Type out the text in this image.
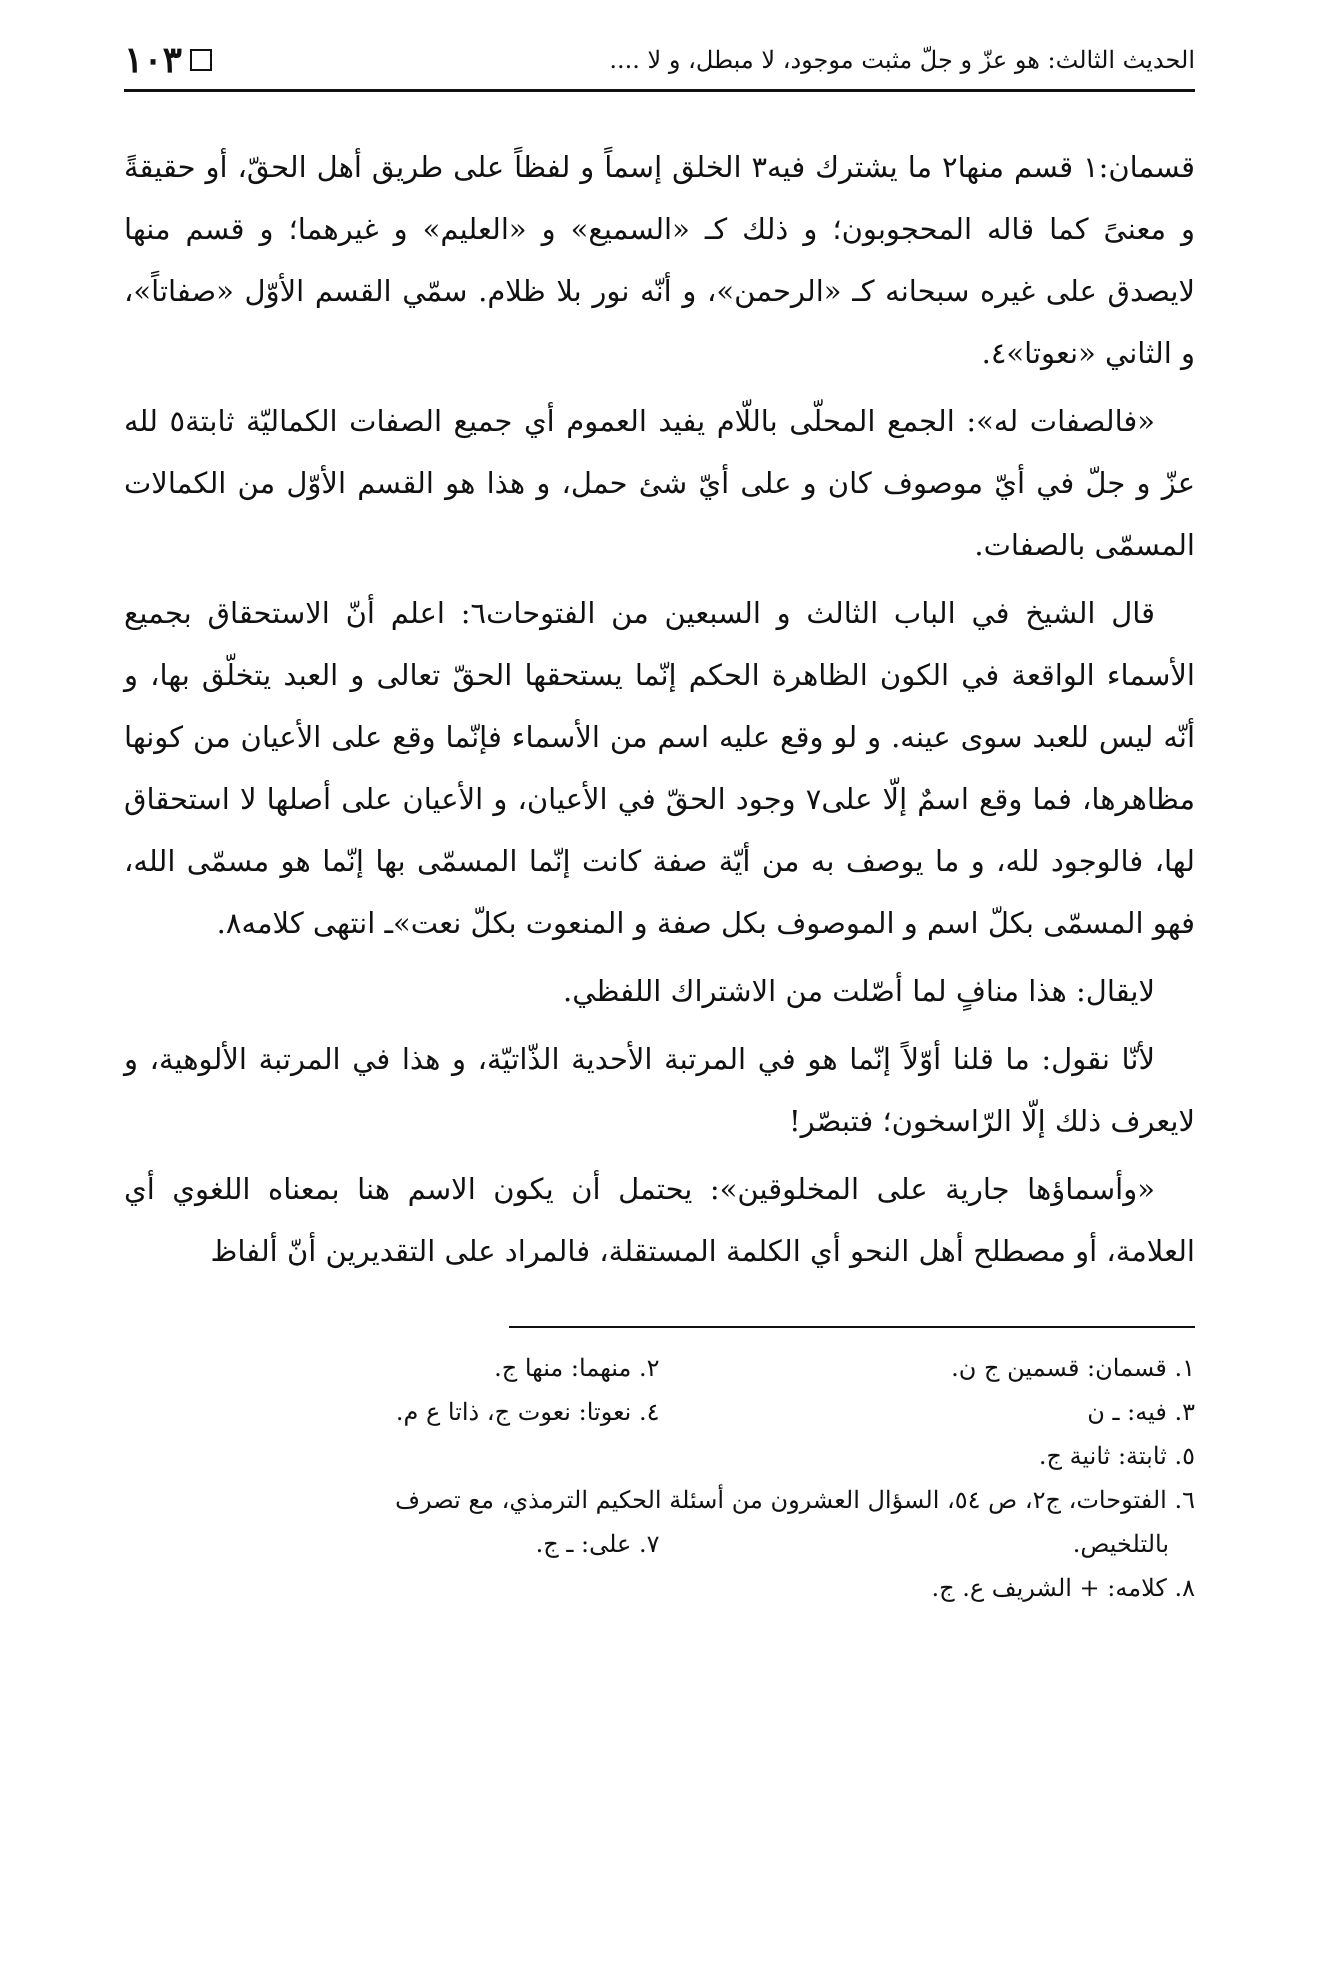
الحديث الثالث: هو عزّ و جلّ مثبت موجود، لا مبطل، و لا ....
١٠٣

قسمان:١ قسم منها٢ ما يشترك فيه٣ الخلق إسماً و لفظاً على طريق أهل الحقّ، أو حقيقةً و معنىً كما قاله المحجوبون؛ و ذلك كـ «السميع» و «العليم» و غيرهما؛ و قسم منها لايصدق على غيره سبحانه كـ «الرحمن»، و أنّه نور بلا ظلام. سمّي القسم الأوّل «صفاتاً»، و الثاني «نعوتا»٤.

«فالصفات له»: الجمع المحلّى باللّام يفيد العموم أي جميع الصفات الكماليّة ثابتة٥ لله عزّ و جلّ في أيّ موصوف كان و على أيّ شئ حمل، و هذا هو القسم الأوّل من الكمالات المسمّى بالصفات.

قال الشيخ في الباب الثالث و السبعين من الفتوحات٦: اعلم أنّ الاستحقاق بجميع الأسماء الواقعة في الكون الظاهرة الحكم إنّما يستحقها الحقّ تعالى و العبد يتخلّق بها، و أنّه ليس للعبد سوى عينه. و لو وقع عليه اسم من الأسماء فإنّما وقع على الأعيان من كونها مظاهرها، فما وقع اسمٌ إلّا على٧ وجود الحقّ في الأعيان، و الأعيان على أصلها لا استحقاق لها، فالوجود لله، و ما يوصف به من أيّة صفة كانت إنّما المسمّى بها إنّما هو مسمّى الله، فهو المسمّى بكلّ اسم و الموصوف بكل صفة و المنعوت بكلّ نعت»ـ انتهى كلامه٨.

لايقال: هذا منافٍ لما أصّلت من الاشتراك اللفظي.

لأنّا نقول: ما قلنا أوّلاً إنّما هو في المرتبة الأحدية الذّاتيّة، و هذا في المرتبة الألوهية، و لايعرف ذلك إلّا الرّاسخون؛ فتبصّر!

«وأسماؤها جارية على المخلوقين»: يحتمل أن يكون الاسم هنا بمعناه اللغوي أي العلامة، أو مصطلح أهل النحو أي الكلمة المستقلة، فالمراد على التقديرين أنّ ألفاظ

١. قسمان: قسمين ج ن.
٢. منهما: منها ج.
٣. فيه: ـ ن
٤. نعوتا: نعوت ج، ذاتا ع م.
٥. ثابتة: ثانية ج.
٦. الفتوحات، ج٢، ص ٥٤، السؤال العشرون من أسئلة الحكيم الترمذي، مع تصرف
بالتلخيص.
٧. على: ـ ج.
٨. كلامه: + الشريف ع. ج.
